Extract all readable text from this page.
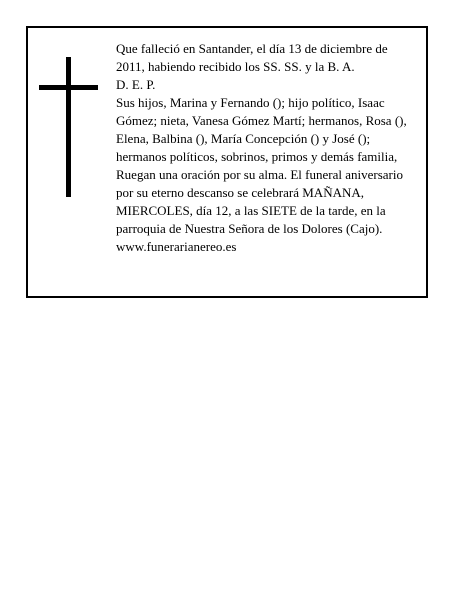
Que falleció en Santander, el día 13 de diciembre de
2011, habiendo recibido los SS. SS. y la B. A.
D. E. P.
Sus hijos, Marina y Fernando (); hijo político, Isaac
Gómez; nieta, Vanesa Gómez Martí; hermanos, Rosa (),
Elena, Balbina (), María Concepción () y José ();
hermanos políticos, sobrinos, primos y demás familia,
Ruegan una oración por su alma. El funeral aniversario
por su eterno descanso se celebrará MAÑANA,
MIERCOLES, día 12, a las SIETE de la tarde, en la
parroquia de Nuestra Señora de los Dolores (Cajo).
www.funerarianereo.es
